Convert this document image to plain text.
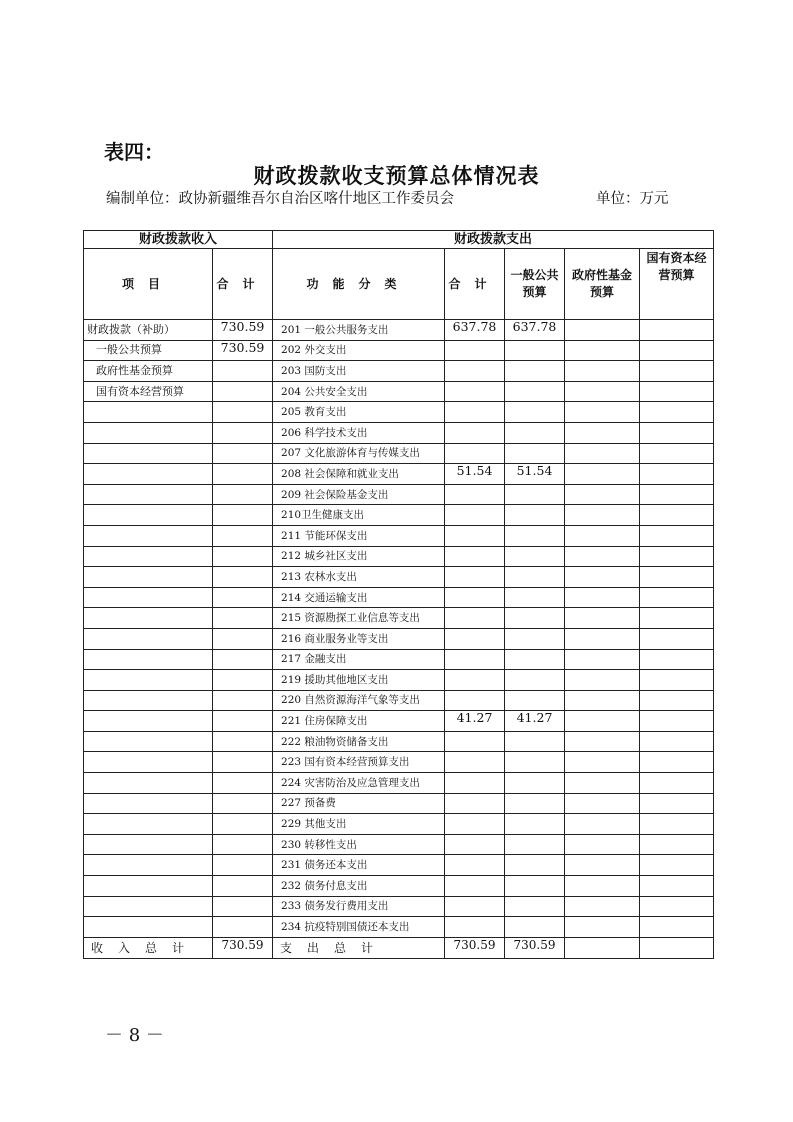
表四：
财政拨款收支预算总体情况表
编制单位：政协新疆维吾尔自治区喀什地区工作委员会	单位：万元
财政拨款收入		财政拨款支出				
项目	合计	功能分类	合计	一般公共预算	政府性基金预算	国有资本经营预算
财政拨款（补助）	730.59	201 一般公共服务支出	637.78	637.78		
一般公共预算	730.59	202 外交支出				
政府性基金预算		203 国防支出				
国有资本经营预算		204 公共安全支出				
		205 教育支出				
		206 科学技术支出				
		207 文化旅游体育与传媒支出				
		208 社会保障和就业支出	51.54	51.54		
		209 社会保险基金支出				
		210卫生健康支出				
		211 节能环保支出				
		212 城乡社区支出				
		213 农林水支出				
		214 交通运输支出				
		215 资源勘探工业信息等支出				
		216 商业服务业等支出				
		217 金融支出				
		219 援助其他地区支出				
		220 自然资源海洋气象等支出				
		221 住房保障支出	41.27	41.27		
		222 粮油物资储备支出				
		223 国有资本经营预算支出				
		224 灾害防治及应急管理支出				
		227 预备费				
		229 其他支出				
		230 转移性支出				
		231 债务还本支出				
		232 债务付息支出				
		233 债务发行费用支出				
		234 抗疫特别国债还本支出				
收入总计	730.59	支出总计	730.59	730.59		
－ 8 －
